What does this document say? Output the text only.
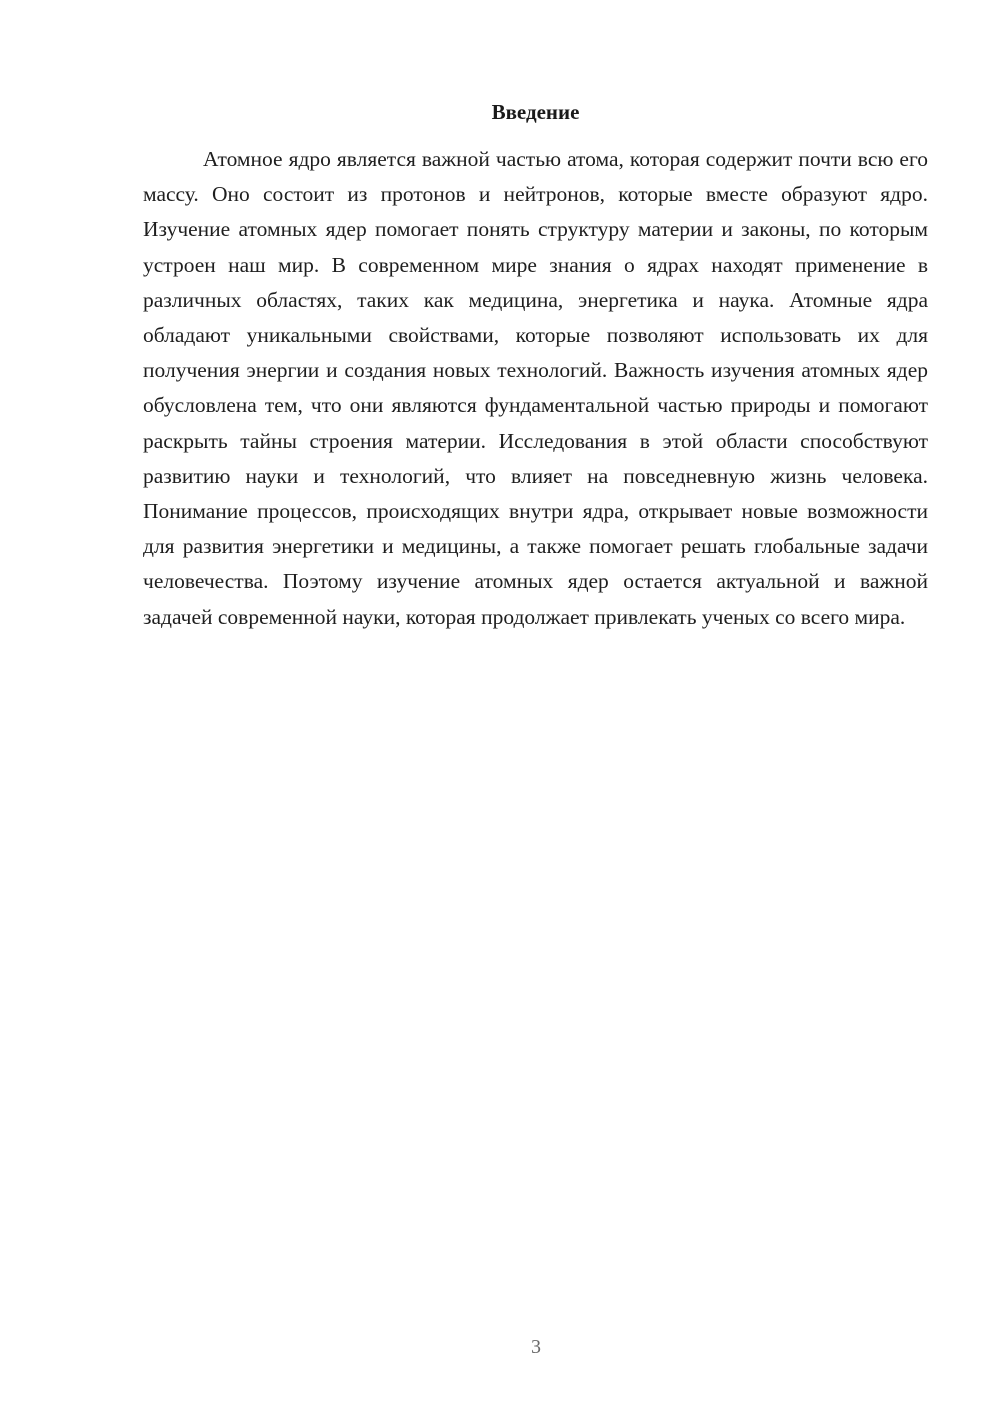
Введение

Атомное ядро является важной частью атома, которая содержит почти всю его массу. Оно состоит из протонов и нейтронов, которые вместе образуют ядро. Изучение атомных ядер помогает понять структуру материи и законы, по которым устроен наш мир. В современном мире знания о ядрах находят применение в различных областях, таких как медицина, энергетика и наука. Атомные ядра обладают уникальными свойствами, которые позволяют использовать их для получения энергии и создания новых технологий. Важность изучения атомных ядер обусловлена тем, что они являются фундаментальной частью природы и помогают раскрыть тайны строения материи. Исследования в этой области способствуют развитию науки и технологий, что влияет на повседневную жизнь человека. Понимание процессов, происходящих внутри ядра, открывает новые возможности для развития энергетики и медицины, а также помогает решать глобальные задачи человечества. Поэтому изучение атомных ядер остается актуальной и важной задачей современной науки, которая продолжает привлекать ученых со всего мира.

3
